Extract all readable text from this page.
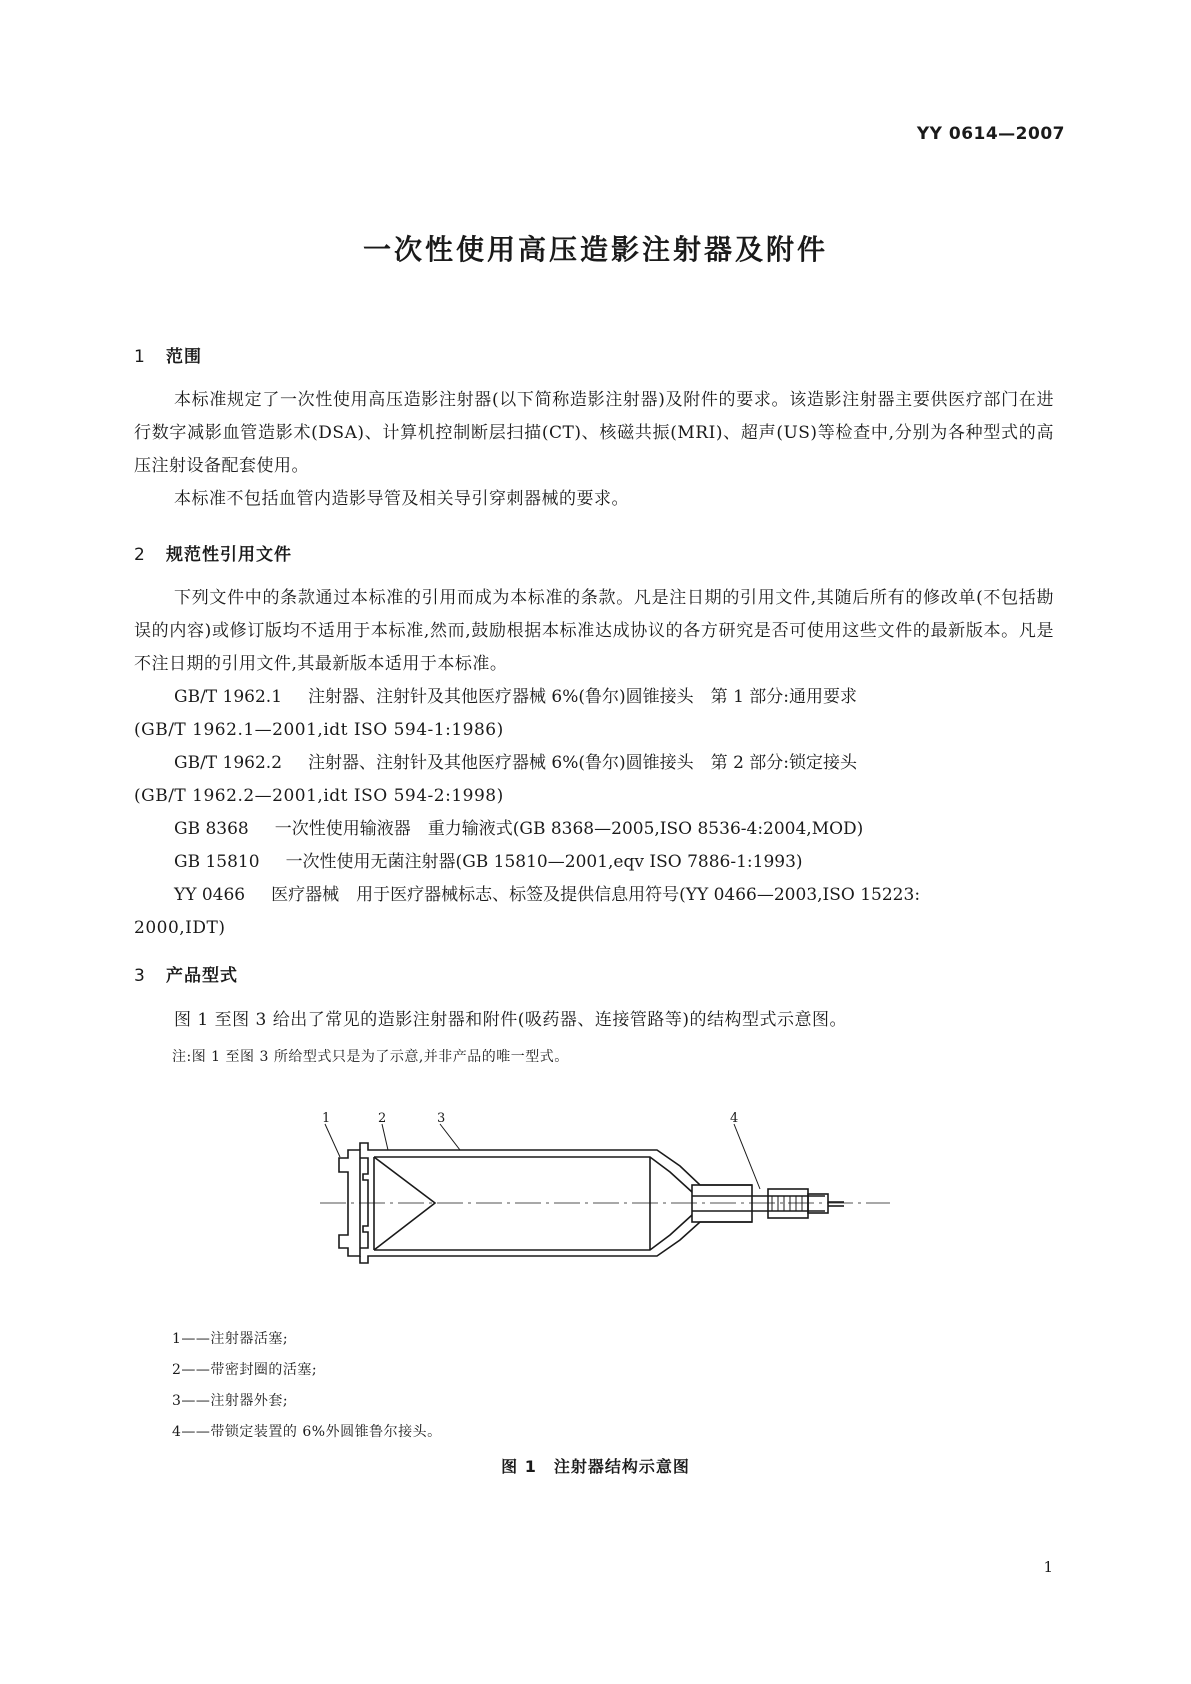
YY 0614—2007
一次性使用高压造影注射器及附件
1 范围
本标准规定了一次性使用高压造影注射器(以下简称造影注射器)及附件的要求。该造影注射器主要供医疗部门在进行数字减影血管造影术(DSA)、计算机控制断层扫描(CT)、核磁共振(MRI)、超声(US)等检查中,分别为各种型式的高压注射设备配套使用。
本标准不包括血管内造影导管及相关导引穿刺器械的要求。
2 规范性引用文件
下列文件中的条款通过本标准的引用而成为本标准的条款。凡是注日期的引用文件,其随后所有的修改单(不包括勘误的内容)或修订版均不适用于本标准,然而,鼓励根据本标准达成协议的各方研究是否可使用这些文件的最新版本。凡是不注日期的引用文件,其最新版本适用于本标准。
GB/T 1962.1 注射器、注射针及其他医疗器械 6%(鲁尔)圆锥接头　第 1 部分:通用要求
(GB/T 1962.1—2001,idt ISO 594-1:1986)
GB/T 1962.2 注射器、注射针及其他医疗器械 6%(鲁尔)圆锥接头　第 2 部分:锁定接头
(GB/T 1962.2—2001,idt ISO 594-2:1998)
GB 8368 一次性使用输液器　重力输液式(GB 8368—2005,ISO 8536-4:2004,MOD)
GB 15810 一次性使用无菌注射器(GB 15810—2001,eqv ISO 7886-1:1993)
YY 0466 医疗器械　用于医疗器械标志、标签及提供信息用符号(YY 0466—2003,ISO 15223:
2000,IDT)
3 产品型式
图 1 至图 3 给出了常见的造影注射器和附件(吸药器、连接管路等)的结构型式示意图。
注:图 1 至图 3 所给型式只是为了示意,并非产品的唯一型式。
1	2	3	4
1——注射器活塞;
2——带密封圈的活塞;
3——注射器外套;
4——带锁定装置的 6%外圆锥鲁尔接头。
图 1　注射器结构示意图
1
